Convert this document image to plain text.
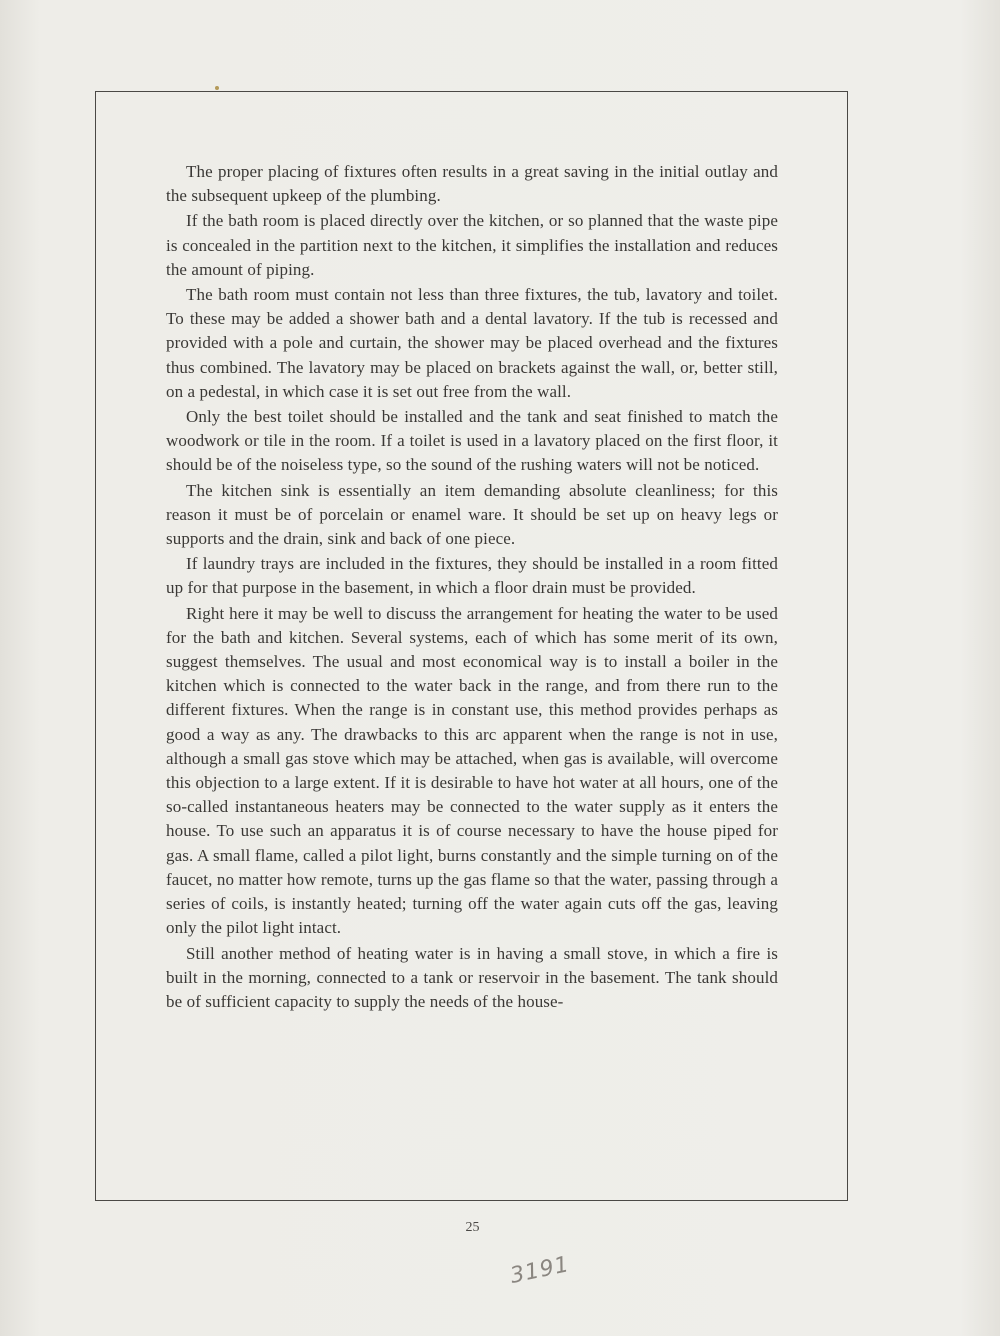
The proper placing of fixtures often results in a great saving in the initial outlay and the subsequent upkeep of the plumbing.

If the bath room is placed directly over the kitchen, or so planned that the waste pipe is concealed in the partition next to the kitchen, it simplifies the installation and reduces the amount of piping.

The bath room must contain not less than three fixtures, the tub, lavatory and toilet. To these may be added a shower bath and a dental lavatory. If the tub is recessed and provided with a pole and curtain, the shower may be placed overhead and the fixtures thus combined. The lavatory may be placed on brackets against the wall, or, better still, on a pedestal, in which case it is set out free from the wall.

Only the best toilet should be installed and the tank and seat finished to match the woodwork or tile in the room. If a toilet is used in a lavatory placed on the first floor, it should be of the noiseless type, so the sound of the rushing waters will not be noticed.

The kitchen sink is essentially an item demanding absolute cleanliness; for this reason it must be of porcelain or enamel ware. It should be set up on heavy legs or supports and the drain, sink and back of one piece.

If laundry trays are included in the fixtures, they should be installed in a room fitted up for that purpose in the basement, in which a floor drain must be provided.

Right here it may be well to discuss the arrangement for heating the water to be used for the bath and kitchen. Several systems, each of which has some merit of its own, suggest themselves. The usual and most economical way is to install a boiler in the kitchen which is connected to the water back in the range, and from there run to the different fixtures. When the range is in constant use, this method provides perhaps as good a way as any. The drawbacks to this arc apparent when the range is not in use, although a small gas stove which may be attached, when gas is available, will overcome this objection to a large extent. If it is desirable to have hot water at all hours, one of the so-called instantaneous heaters may be connected to the water supply as it enters the house. To use such an apparatus it is of course necessary to have the house piped for gas. A small flame, called a pilot light, burns constantly and the simple turning on of the faucet, no matter how remote, turns up the gas flame so that the water, passing through a series of coils, is instantly heated; turning off the water again cuts off the gas, leaving only the pilot light intact.

Still another method of heating water is in having a small stove, in which a fire is built in the morning, connected to a tank or reservoir in the basement. The tank should be of sufficient capacity to supply the needs of the house-

25
3191
